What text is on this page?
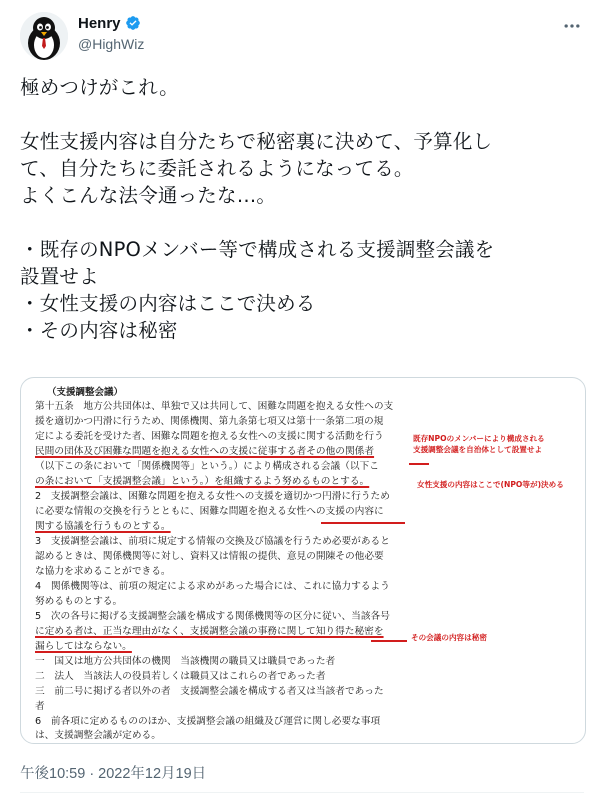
Henry
@HighWiz

極めつけがこれ。

女性支援内容は自分たちで秘密裏に決めて、予算化し

て、自分たちに委託されるようになってる。

よくこんな法令通ったな…。

・既存のNPOメンバー等で構成される支援調整会議を

設置せよ

・女性支援の内容はここで決める

・その内容は秘密

（支援調整会議）
第十五条　地方公共団体は、単独で又は共同して、困難な問題を抱える女性への支
援を適切かつ円滑に行うため、関係機関、第九条第七項又は第十一条第二項の規
定による委託を受けた者、困難な問題を抱える女性への支援に関する活動を行う
民間の団体及び困難な問題を抱える女性への支援に従事する者その他の関係者
（以下この条において「関係機関等」という。）により構成される会議（以下こ
の条において「支援調整会議」という。）を組織するよう努めるものとする。
2　支援調整会議は、困難な問題を抱える女性への支援を適切かつ円滑に行うため
に必要な情報の交換を行うとともに、困難な問題を抱える女性への支援の内容に
関する協議を行うものとする。
3　支援調整会議は、前項に規定する情報の交換及び協議を行うため必要があると
認めるときは、関係機関等に対し、資料又は情報の提供、意見の開陳その他必要
な協力を求めることができる。
4　関係機関等は、前項の規定による求めがあった場合には、これに協力するよう
努めるものとする。
5　次の各号に掲げる支援調整会議を構成する関係機関等の区分に従い、当該各号
に定める者は、正当な理由がなく、支援調整会議の事務に関して知り得た秘密を
漏らしてはならない。
一　国又は地方公共団体の機関　当該機関の職員又は職員であった者
二　法人　当該法人の役員若しくは職員又はこれらの者であった者
三　前二号に掲げる者以外の者　支援調整会議を構成する者又は当該者であった
者
6　前各項に定めるもののほか、支援調整会議の組織及び運営に関し必要な事項
は、支援調整会議が定める。
既存NPOのメンバーにより構成される
支援調整会議を自治体として設置せよ
女性支援の内容はここで(NPO等が)決める
その会議の内容は秘密
午後10:59 · 2022年12月19日
